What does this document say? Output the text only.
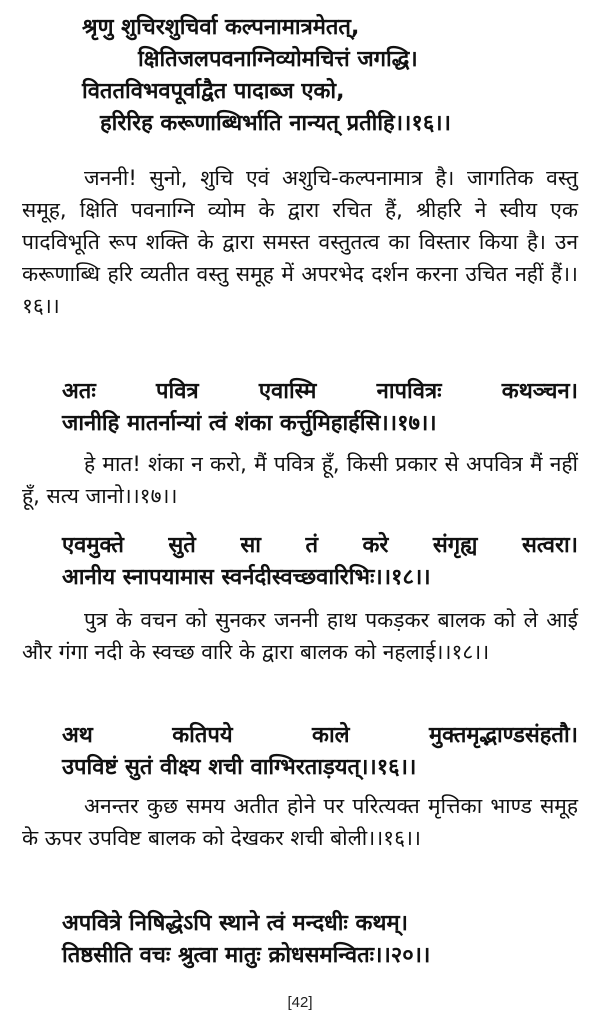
श्रृणु शुचिरशुचिर्वा कल्पनामात्रमेतत्,
क्षितिजलपवनाग्निव्योमचित्तं जगद्धि।
विततविभवपूर्वाद्वैत पादाब्ज एको,
हरिरिह करूणाब्धिर्भाति नान्यत् प्रतीहि।।१६।।

जननी! सुनो, शुचि एवं अशुचि-कल्पनामात्र है। जागतिक वस्तु समूह, क्षिति पवनाग्नि व्योम के द्वारा रचित हैं, श्रीहरि ने स्वीय एक पादविभूति रूप शक्ति के द्वारा समस्त वस्तुतत्व का विस्तार किया है। उन करूणाब्धि हरि व्यतीत वस्तु समूह में अपरभेद दर्शन करना उचित नहीं हैं।।१६।।

अतः पवित्र एवास्मि नापवित्रः कथञ्चन।
जानीहि मातर्नान्यां त्वं शंका कर्त्तुमिहार्हसि।।१७।।

हे मात! शंका न करो, मैं पवित्र हूँ, किसी प्रकार से अपवित्र मैं नहीं हूँ, सत्य जानो।।१७।।

एवमुक्ते सुते सा तं करे संगृह्य सत्वरा।
आनीय स्नापयामास स्वर्नदीस्वच्छवारिभिः।।१८।।

पुत्र के वचन को सुनकर जननी हाथ पकड़कर बालक को ले आई और गंगा नदी के स्वच्छ वारि के द्वारा बालक को नहलाई।।१८।।

अथ कतिपये काले मुक्तमृद्भाण्डसंहतौ।
उपविष्टं सुतं वीक्ष्य शची वाग्भिरताड़यत्।।१६।।

अनन्तर कुछ समय अतीत होने पर परित्यक्त मृत्तिका भाण्ड समूह के ऊपर उपविष्ट बालक को देखकर शची बोली।।१६।।

अपवित्रे निषिद्धेऽपि स्थाने त्वं मन्दधीः कथम्।
तिष्ठसीति वचः श्रुत्वा मातुः क्रोधसमन्वितः।।२०।।
[42]
